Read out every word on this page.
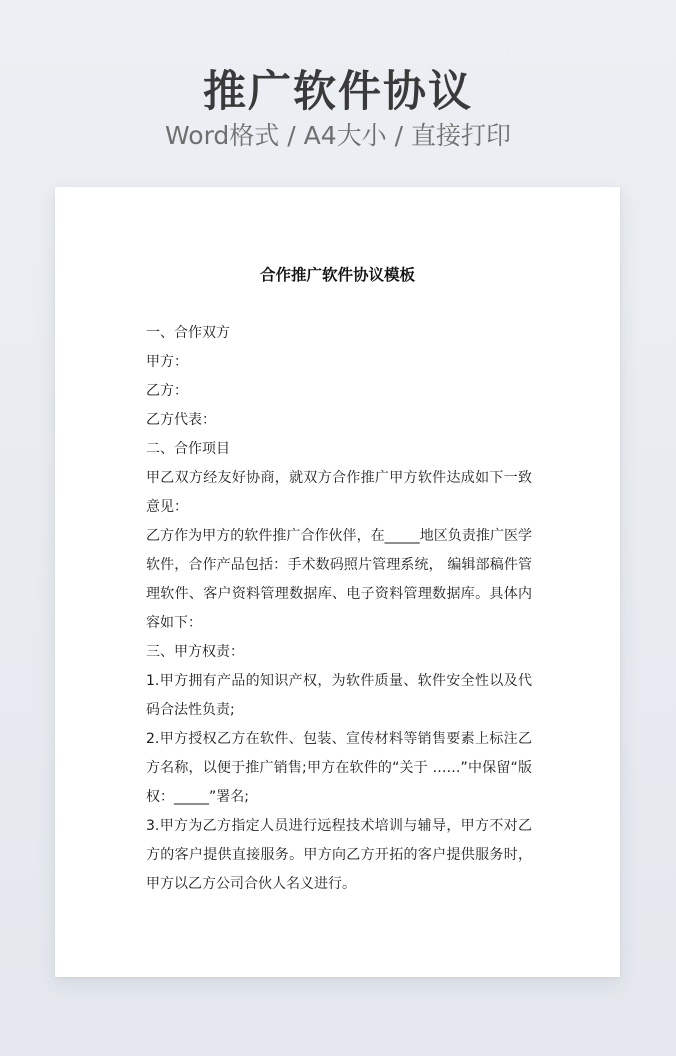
推广软件协议
Word格式 / A4大小 / 直接打印
合作推广软件协议模板

一、合作双方

甲方：

乙方：

乙方代表：

二、合作项目

甲乙双方经友好协商，就双方合作推广甲方软件达成如下一致意见：

乙方作为甲方的软件推广合作伙伴，在_____地区负责推广医学软件，合作产品包括：手术数码照片管理系统， 编辑部稿件管理软件、客户资料管理数据库、电子资料管理数据库。具体内容如下：

三、甲方权责：

1.甲方拥有产品的知识产权，为软件质量、软件安全性以及代码合法性负责;

2.甲方授权乙方在软件、包装、宣传材料等销售要素上标注乙方名称，以便于推广销售;甲方在软件的“关于 ……”中保留“版权：_____”署名;

3.甲方为乙方指定人员进行远程技术培训与辅导，甲方不对乙方的客户提供直接服务。甲方向乙方开拓的客户提供服务时，甲方以乙方公司合伙人名义进行。
